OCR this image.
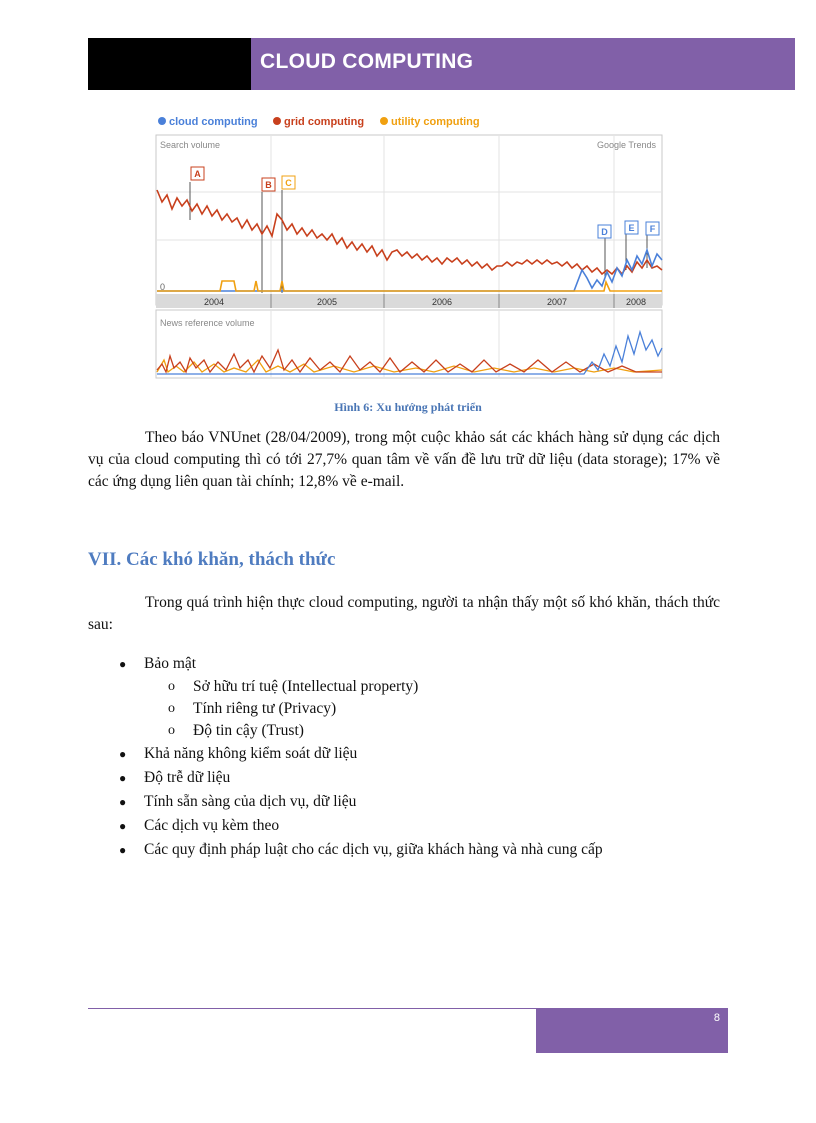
CLOUD COMPUTING
cloud computing grid computing utility computing
Search volume	Google Trends
0
2004	2005	2006	2007	2008
A
B C
D E F
News reference volume
Hình 6: Xu hướng phát triển
Theo báo VNUnet (28/04/2009), trong một cuộc khảo sát các khách hàng sử dụng các dịch vụ của cloud computing thì có tới 27,7% quan tâm về vấn đề lưu trữ dữ liệu (data storage); 17% về các ứng dụng liên quan tài chính; 12,8% về e-mail.
VII. Các khó khăn, thách thức
Trong quá trình hiện thực cloud computing, người ta nhận thấy một số khó khăn, thách thức sau:
● Bảo mật
o Sở hữu trí tuệ (Intellectual property)
o Tính riêng tư (Privacy)
o Độ tin cậy (Trust)
● Khả năng không kiểm soát dữ liệu
● Độ trễ dữ liệu
● Tính sẵn sàng của dịch vụ, dữ liệu
● Các dịch vụ kèm theo
● Các quy định pháp luật cho các dịch vụ, giữa khách hàng và nhà cung cấp
8
